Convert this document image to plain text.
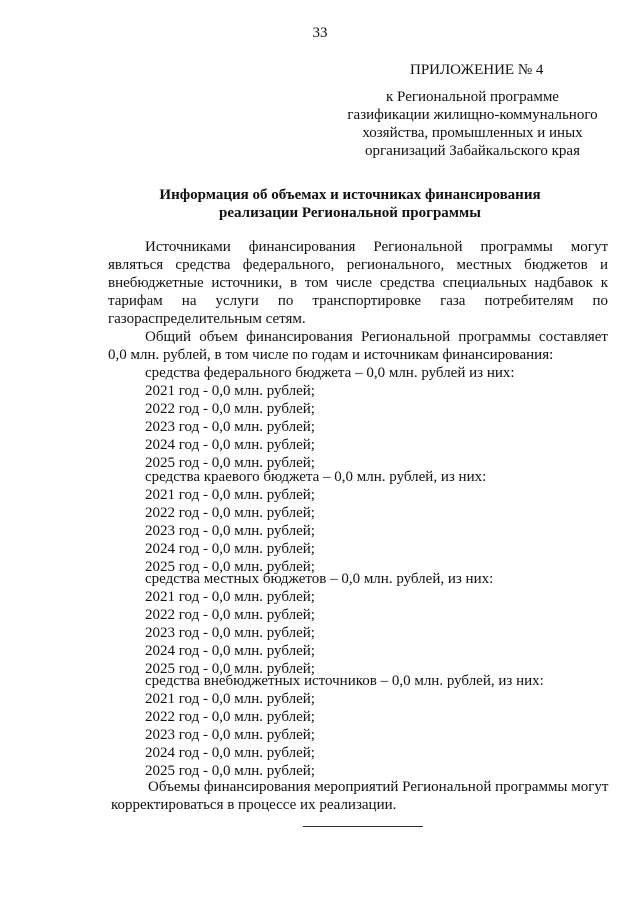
33
ПРИЛОЖЕНИЕ № 4
к Региональной программе
газификации жилищно-коммунального
хозяйства, промышленных и иных
организаций Забайкальского края
Информация об объемах и источниках финансирования
реализации Региональной программы
Источниками финансирования Региональной программы могут
являться средства федерального, регионального, местных бюджетов и
внебюджетные источники, в том числе средства специальных надбавок к
тарифам на услуги по транспортировке газа потребителям по
газораспределительным сетям.
Общий объем финансирования Региональной программы составляет
0,0 млн. рублей, в том числе по годам и источникам финансирования:
средства федерального бюджета – 0,0 млн. рублей из них:
2021 год - 0,0 млн. рублей;
2022 год - 0,0 млн. рублей;
2023 год - 0,0 млн. рублей;
2024 год - 0,0 млн. рублей;
2025 год - 0,0 млн. рублей;
средства краевого бюджета – 0,0 млн. рублей, из них:
2021 год - 0,0 млн. рублей;
2022 год - 0,0 млн. рублей;
2023 год - 0,0 млн. рублей;
2024 год - 0,0 млн. рублей;
2025 год - 0,0 млн. рублей;
средства местных бюджетов – 0,0 млн. рублей, из них:
2021 год - 0,0 млн. рублей;
2022 год - 0,0 млн. рублей;
2023 год - 0,0 млн. рублей;
2024 год - 0,0 млн. рублей;
2025 год - 0,0 млн. рублей;
средства внебюджетных источников – 0,0 млн. рублей, из них:
2021 год - 0,0 млн. рублей;
2022 год - 0,0 млн. рублей;
2023 год - 0,0 млн. рублей;
2024 год - 0,0 млн. рублей;
2025 год - 0,0 млн. рублей;
Объемы финансирования мероприятий Региональной программы могут
корректироваться в процессе их реализации.
